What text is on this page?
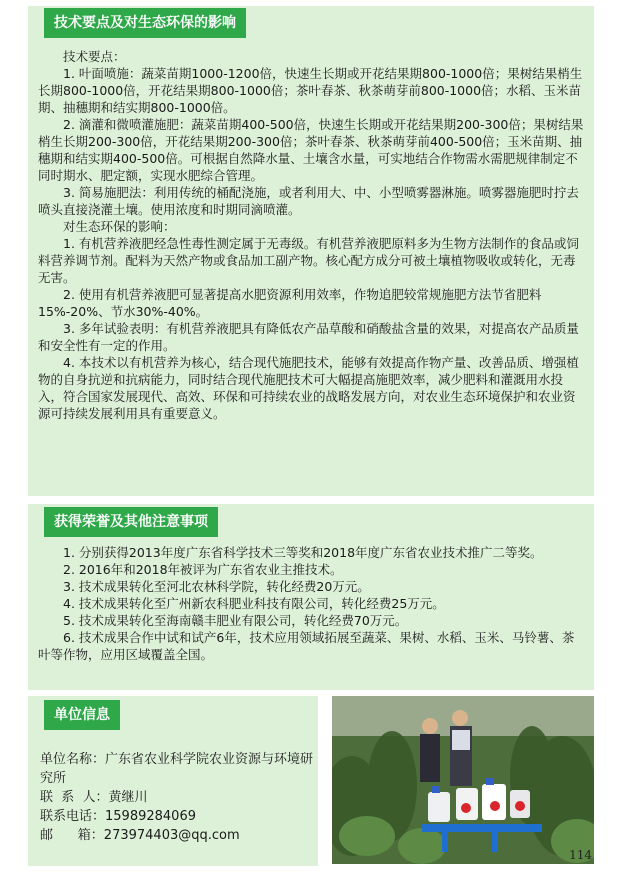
技术要点及对生态环保的影响

技术要点：

1. 叶面喷施：蔬菜苗期1000-1200倍，快速生长期或开花结果期800-1000倍；果树结果梢生长期800-1000倍，开花结果期800-1000倍；茶叶春茶、秋茶萌芽前800-1000倍；水稻、玉米苗期、抽穗期和结实期800-1000倍。

2. 滴灌和微喷灌施肥：蔬菜苗期400-500倍，快速生长期或开花结果期200-300倍；果树结果梢生长期200-300倍，开花结果期200-300倍；茶叶春茶、秋茶萌芽前400-500倍；玉米苗期、抽穗期和结实期400-500倍。可根据自然降水量、土壤含水量，可实地结合作物需水需肥规律制定不同时期水、肥定额，实现水肥综合管理。

3. 简易施肥法：利用传统的桶配浇施，或者利用大、中、小型喷雾器淋施。喷雾器施肥时拧去喷头直接浇灌土壤。使用浓度和时期同滴喷灌。

对生态环保的影响：

1. 有机营养液肥经急性毒性测定属于无毒级。有机营养液肥原料多为生物方法制作的食品或饲料营养调节剂。配料为天然产物或食品加工副产物。核心配方成分可被土壤植物吸收或转化，无毒无害。

2. 使用有机营养液肥可显著提高水肥资源利用效率，作物追肥较常规施肥方法节省肥料15%-20%、节水30%-40%。

3. 多年试验表明：有机营养液肥具有降低农产品草酸和硝酸盐含量的效果，对提高农产品质量和安全性有一定的作用。

4. 本技术以有机营养为核心，结合现代施肥技术，能够有效提高作物产量、改善品质、增强植物的自身抗逆和抗病能力，同时结合现代施肥技术可大幅提高施肥效率，减少肥料和灌溉用水投入，符合国家发展现代、高效、环保和可持续农业的战略发展方向，对农业生态环境保护和农业资源可持续发展利用具有重要意义。

获得荣誉及其他注意事项

1. 分别获得2013年度广东省科学技术三等奖和2018年度广东省农业技术推广二等奖。

2. 2016年和2018年被评为广东省农业主推技术。

3. 技术成果转化至河北农林科学院，转化经费20万元。

4. 技术成果转化至广州新农科肥业科技有限公司，转化经费25万元。

5. 技术成果转化至海南赣丰肥业有限公司，转化经费70万元。

6. 技术成果合作中试和试产6年，技术应用领域拓展至蔬菜、果树、水稻、玉米、马铃薯、茶叶等作物，应用区域覆盖全国。

单位信息

单位名称：广东省农业科学院农业资源与环境研究所

联  系  人：黄继川

联系电话：15989284069

邮      箱：273974403@qq.com

114
